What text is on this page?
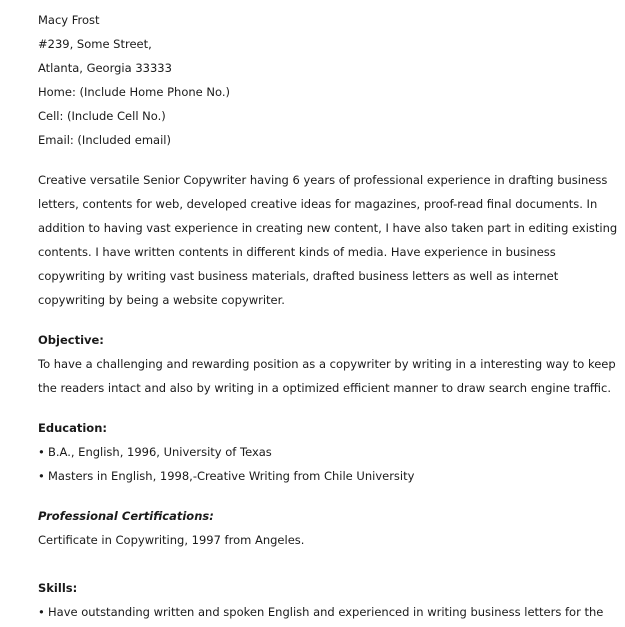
Macy Frost
#239, Some Street,
Atlanta, Georgia 33333
Home: (Include Home Phone No.)
Cell: (Include Cell No.)
Email: (Included email)
Creative versatile Senior Copywriter having 6 years of professional experience in drafting business
letters, contents for web, developed creative ideas for magazines, proof-read final documents. In
addition to having vast experience in creating new content, I have also taken part in editing existing
contents. I have written contents in different kinds of media. Have experience in business
copywriting by writing vast business materials, drafted business letters as well as internet
copywriting by being a website copywriter.
Objective:
To have a challenging and rewarding position as a copywriter by writing in a interesting way to keep
the readers intact and also by writing in a optimized efficient manner to draw search engine traffic.
Education:
• B.A., English, 1996, University of Texas
• Masters in English, 1998,-Creative Writing from Chile University
Professional Certifications:
Certificate in Copywriting, 1997 from Angeles.
Skills:
• Have outstanding written and spoken English and experienced in writing business letters for the
